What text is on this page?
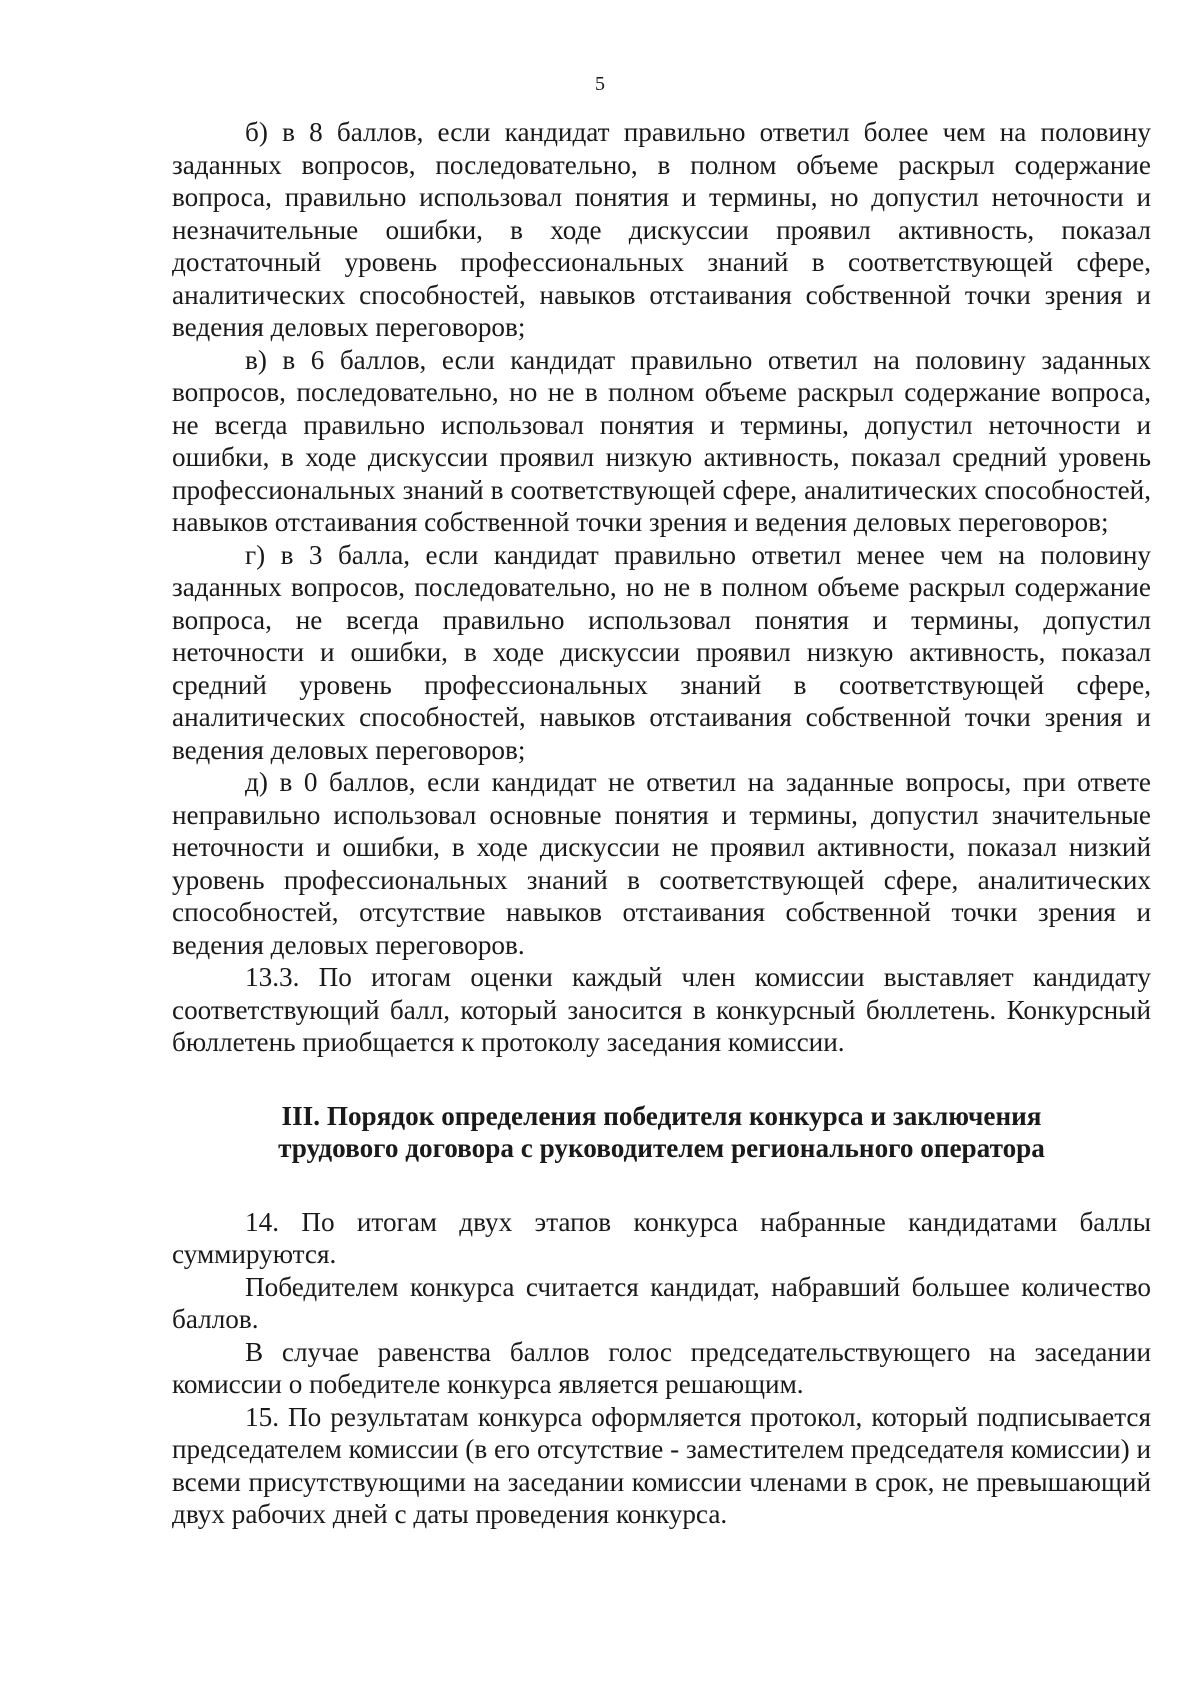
5

б) в 8 баллов, если кандидат правильно ответил более чем на половину заданных вопросов, последовательно, в полном объеме раскрыл содержание вопроса, правильно использовал понятия и термины, но допустил неточности и незначительные ошибки, в ходе дискуссии проявил активность, показал достаточный уровень профессиональных знаний в соответствующей сфере, аналитических способностей, навыков отстаивания собственной точки зрения и ведения деловых переговоров;

в) в 6 баллов, если кандидат правильно ответил на половину заданных вопросов, последовательно, но не в полном объеме раскрыл содержание вопроса, не всегда правильно использовал понятия и термины, допустил неточности и ошибки, в ходе дискуссии проявил низкую активность, показал средний уровень профессиональных знаний в соответствующей сфере, аналитических способностей, навыков отстаивания собственной точки зрения и ведения деловых переговоров;

г) в 3 балла, если кандидат правильно ответил менее чем на половину заданных вопросов, последовательно, но не в полном объеме раскрыл содержание вопроса, не всегда правильно использовал понятия и термины, допустил неточности и ошибки, в ходе дискуссии проявил низкую активность, показал средний уровень профессиональных знаний в соответствующей сфере, аналитических способностей, навыков отстаивания собственной точки зрения и ведения деловых переговоров;

д) в 0 баллов, если кандидат не ответил на заданные вопросы, при ответе неправильно использовал основные понятия и термины, допустил значительные неточности и ошибки, в ходе дискуссии не проявил активности, показал низкий уровень профессиональных знаний в соответствующей сфере, аналитических способностей, отсутствие навыков отстаивания собственной точки зрения и ведения деловых переговоров.

13.3. По итогам оценки каждый член комиссии выставляет кандидату соответствующий балл, который заносится в конкурсный бюллетень. Конкурсный бюллетень приобщается к протоколу заседания комиссии.

III. Порядок определения победителя конкурса и заключения
трудового договора с руководителем регионального оператора

14. По итогам двух этапов конкурса набранные кандидатами баллы суммируются.

Победителем конкурса считается кандидат, набравший большее количество баллов.

В случае равенства баллов голос председательствующего на заседании комиссии о победителе конкурса является решающим.

15. По результатам конкурса оформляется протокол, который подписывается председателем комиссии (в его отсутствие - заместителем председателя комиссии) и всеми присутствующими на заседании комиссии членами в срок, не превышающий двух рабочих дней с даты проведения конкурса.
